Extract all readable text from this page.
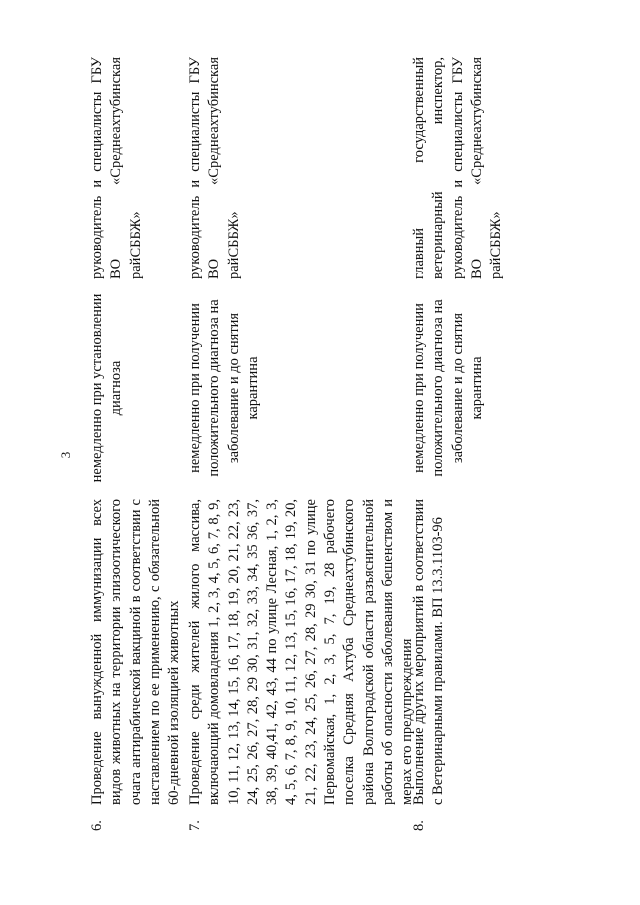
3
6.
Проведение вынужденной иммунизации всех видов животных на территории эпизоотического очага антирабической вакциной в соответствии с наставлением по ее применению, с обязательной 60-дневной изоляцией животных
немедленно при установлении диагноза
руководитель и специалисты ГБУ ВО «Среднеахтубинская райСББЖ»
7.
Проведение среди жителей жилого массива, включающий домовладения 1, 2, 3, 4, 5, 6, 7, 8, 9, 10, 11, 12, 13, 14, 15, 16, 17, 18, 19, 20, 21, 22, 23, 24, 25, 26, 27, 28, 29 30, 31, 32, 33, 34, 35 36, 37, 38, 39, 40,41, 42, 43, 44 по улице Лесная, 1, 2, 3, 4, 5, 6, 7, 8, 9, 10, 11, 12, 13, 15, 16, 17, 18, 19, 20, 21, 22, 23, 24, 25, 26, 27, 28, 29 30, 31 по улице Первомайская, 1, 2, 3, 5, 7, 19, 28 рабочего поселка Средняя Ахтуба Среднеахтубинского района Волгоградской области разъяснительной работы об опасности заболевания бешенством и мерах его предупреждения
немедленно при получении положительного диагноза на заболевание и до снятия карантина
руководитель и специалисты ГБУ ВО «Среднеахтубинская райСББЖ»
8.
Выполнение других мероприятий в соответствии с Ветеринарными правилами. ВП 13.3.1103-96
немедленно при получении положительного диагноза на заболевание и до снятия карантина
главный государственный ветеринарный инспектор, руководитель и специалисты ГБУ ВО «Среднеахтубинская райСББЖ»
